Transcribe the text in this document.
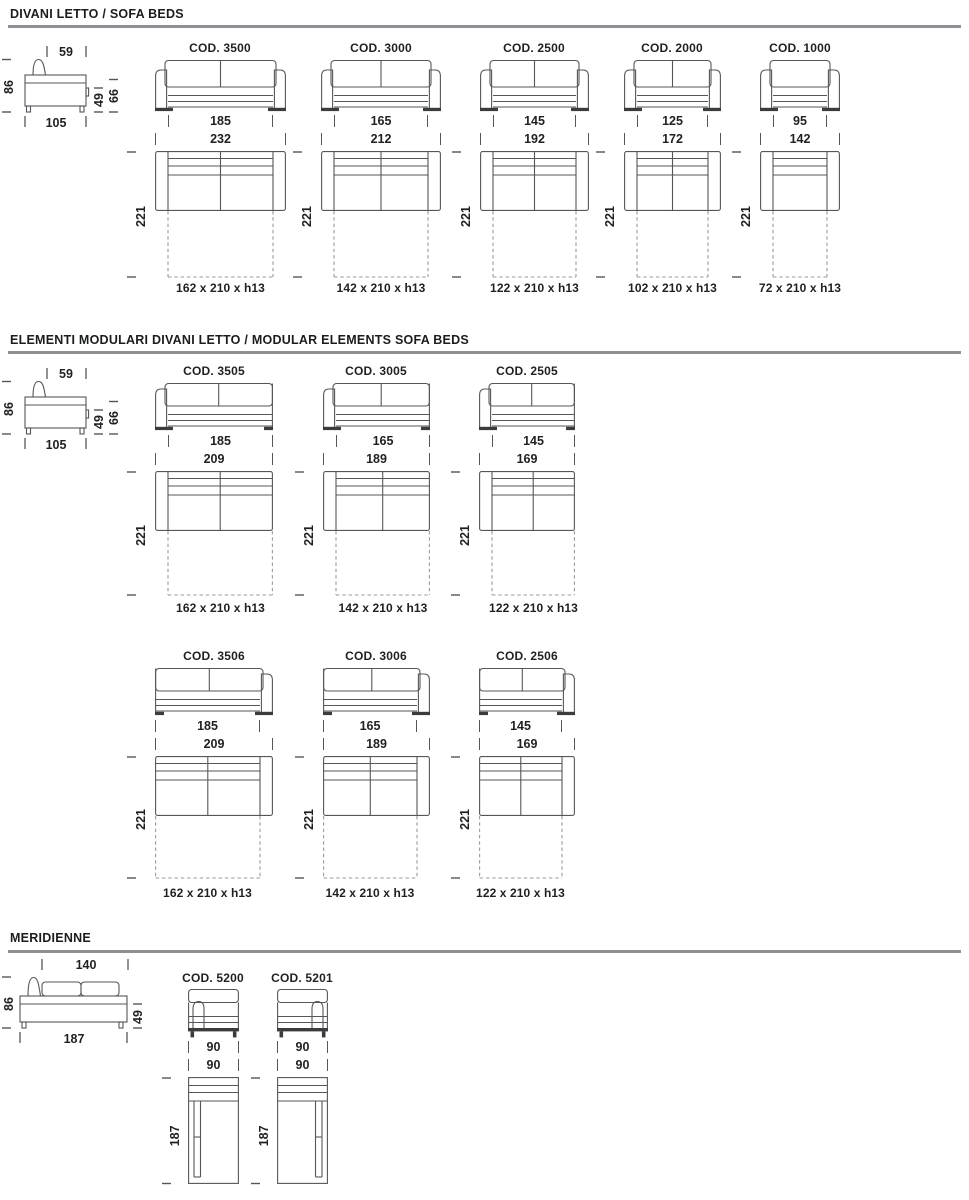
DIVANI LETTO / SOFA BEDS
ELEMENTI MODULARI DIVANI LETTO / MODULAR ELEMENTS SOFA BEDS
MERIDIENNE
59
86
105
49 66
COD. 3500
185
232
221
162 x 210 x h13
COD. 3000
165
212
221
142 x 210 x h13
COD. 2500
145
192
221
122 x 210 x h13
COD. 2000
125
172
221
102 x 210 x h13
COD. 1000
95
142
221
72 x 210 x h13
59
86
105
49 66
COD. 3505
185
209
221
162 x 210 x h13
COD. 3005
165
189
221
142 x 210 x h13
COD. 2505
145
169
221
122 x 210 x h13
COD. 3506
185
209
221
162 x 210 x h13
COD. 3006
165
189
221
142 x 210 x h13
COD. 2506
145
169
221
122 x 210 x h13
140
86
187
49
COD. 5200
90
90
187
COD. 5201
90
90
187
